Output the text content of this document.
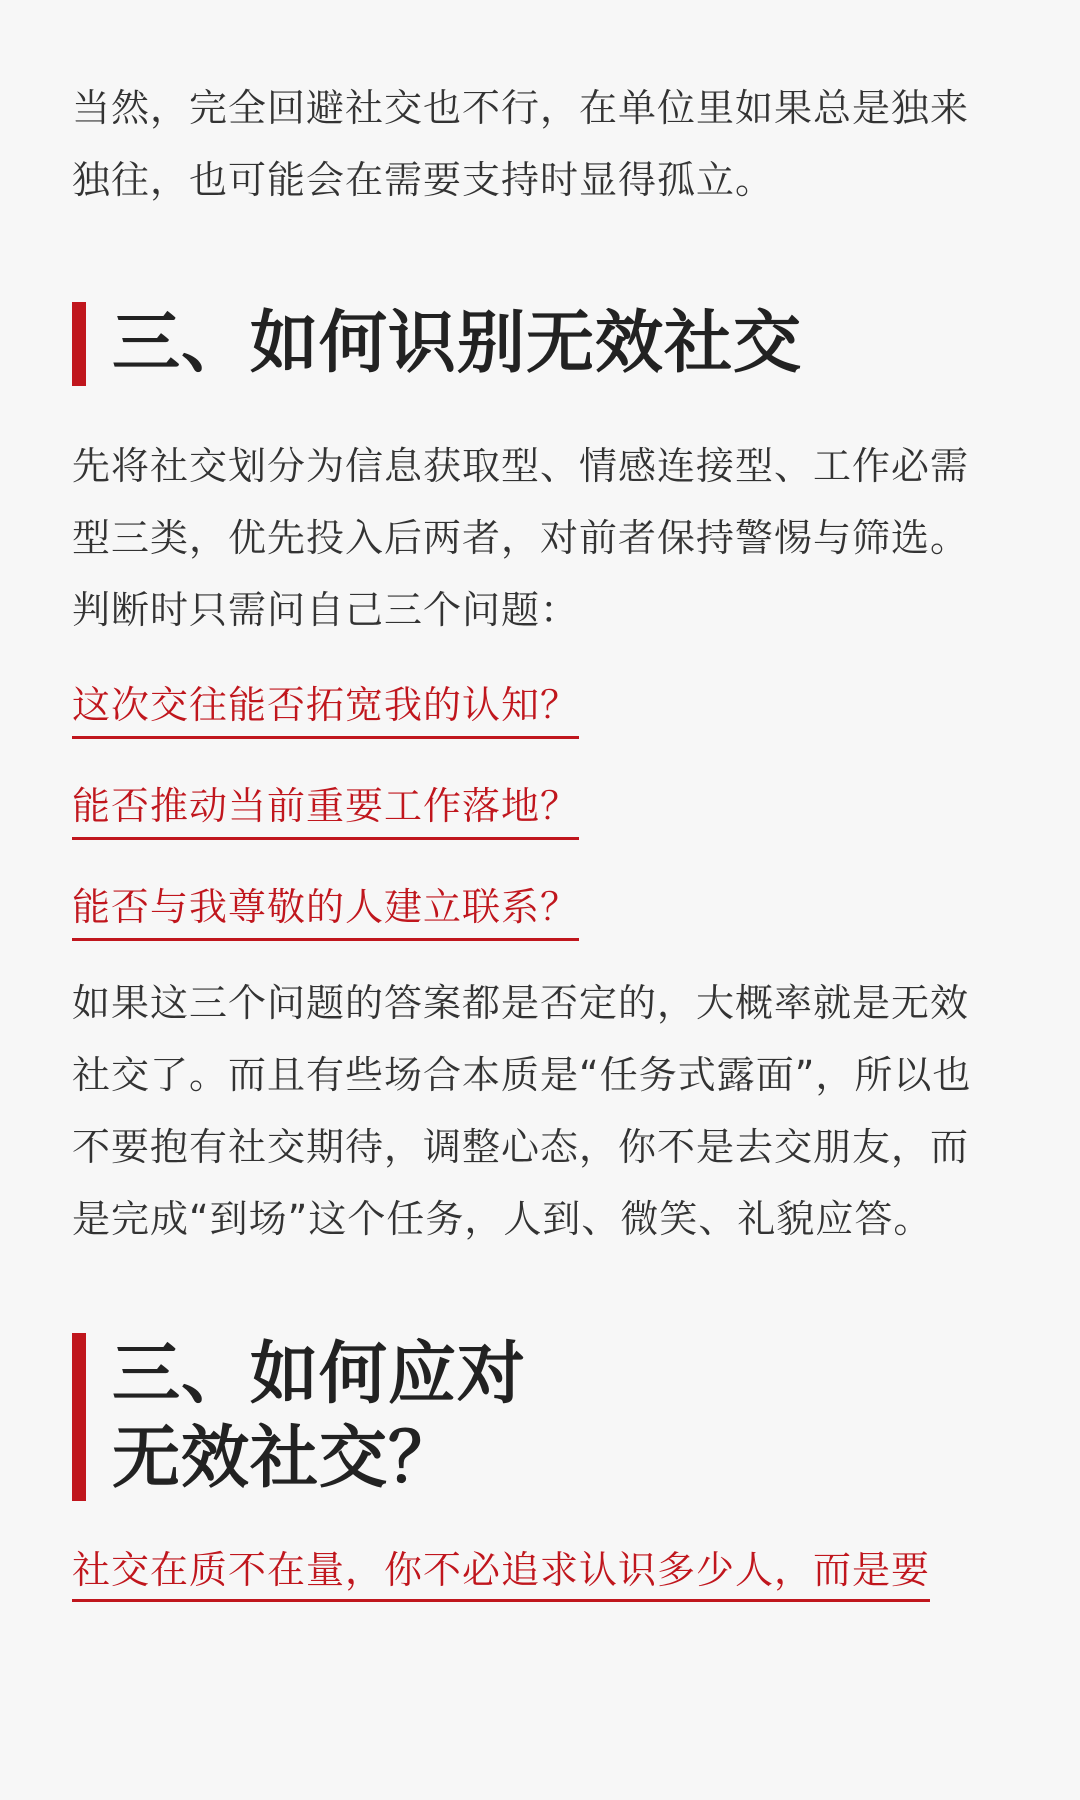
当然，完全回避社交也不行，在单位里如果总是独来独往，也可能会在需要支持时显得孤立。

三、如何识别无效社交

先将社交划分为信息获取型、情感连接型、工作必需型三类，优先投入后两者，对前者保持警惕与筛选。判断时只需问自己三个问题：

这次交往能否拓宽我的认知？
能否推动当前重要工作落地？
能否与我尊敬的人建立联系？

如果这三个问题的答案都是否定的，大概率就是无效社交了。而且有些场合本质是“任务式露面”，所以也不要抱有社交期待，调整心态，你不是去交朋友，而是完成“到场”这个任务，人到、微笑、礼貌应答。

三、如何应对
无效社交？
社交在质不在量，你不必追求认识多少人，而是要
